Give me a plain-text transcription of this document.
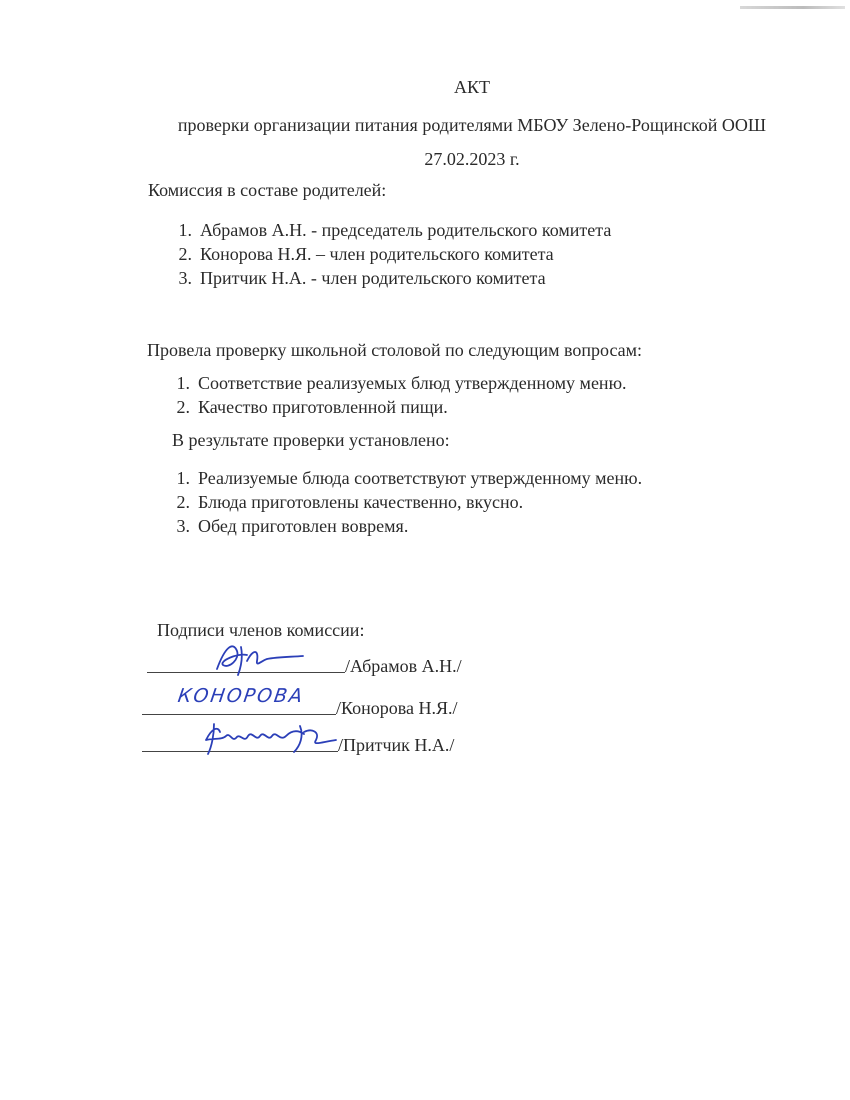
АКТ
проверки организации питания родителями МБОУ Зелено-Рощинской ООШ
27.02.2023 г.
Комиссия в составе родителей:
1. Абрамов А.Н. - председатель родительского комитета
2. Конорова Н.Я. – член родительского комитета
3. Притчик Н.А. - член родительского комитета
Провела проверку школьной столовой по следующим вопросам:
1. Соответствие реализуемых блюд утвержденному меню.
2. Качество приготовленной пищи.
В результате проверки установлено:
1. Реализуемые блюда соответствуют утвержденному меню.
2. Блюда приготовлены качественно, вкусно.
3. Обед приготовлен вовремя.
Подписи членов комиссии:
/Абрамов А.Н./
КОНОРОВА
/Конорова Н.Я./
/Притчик Н.А./
